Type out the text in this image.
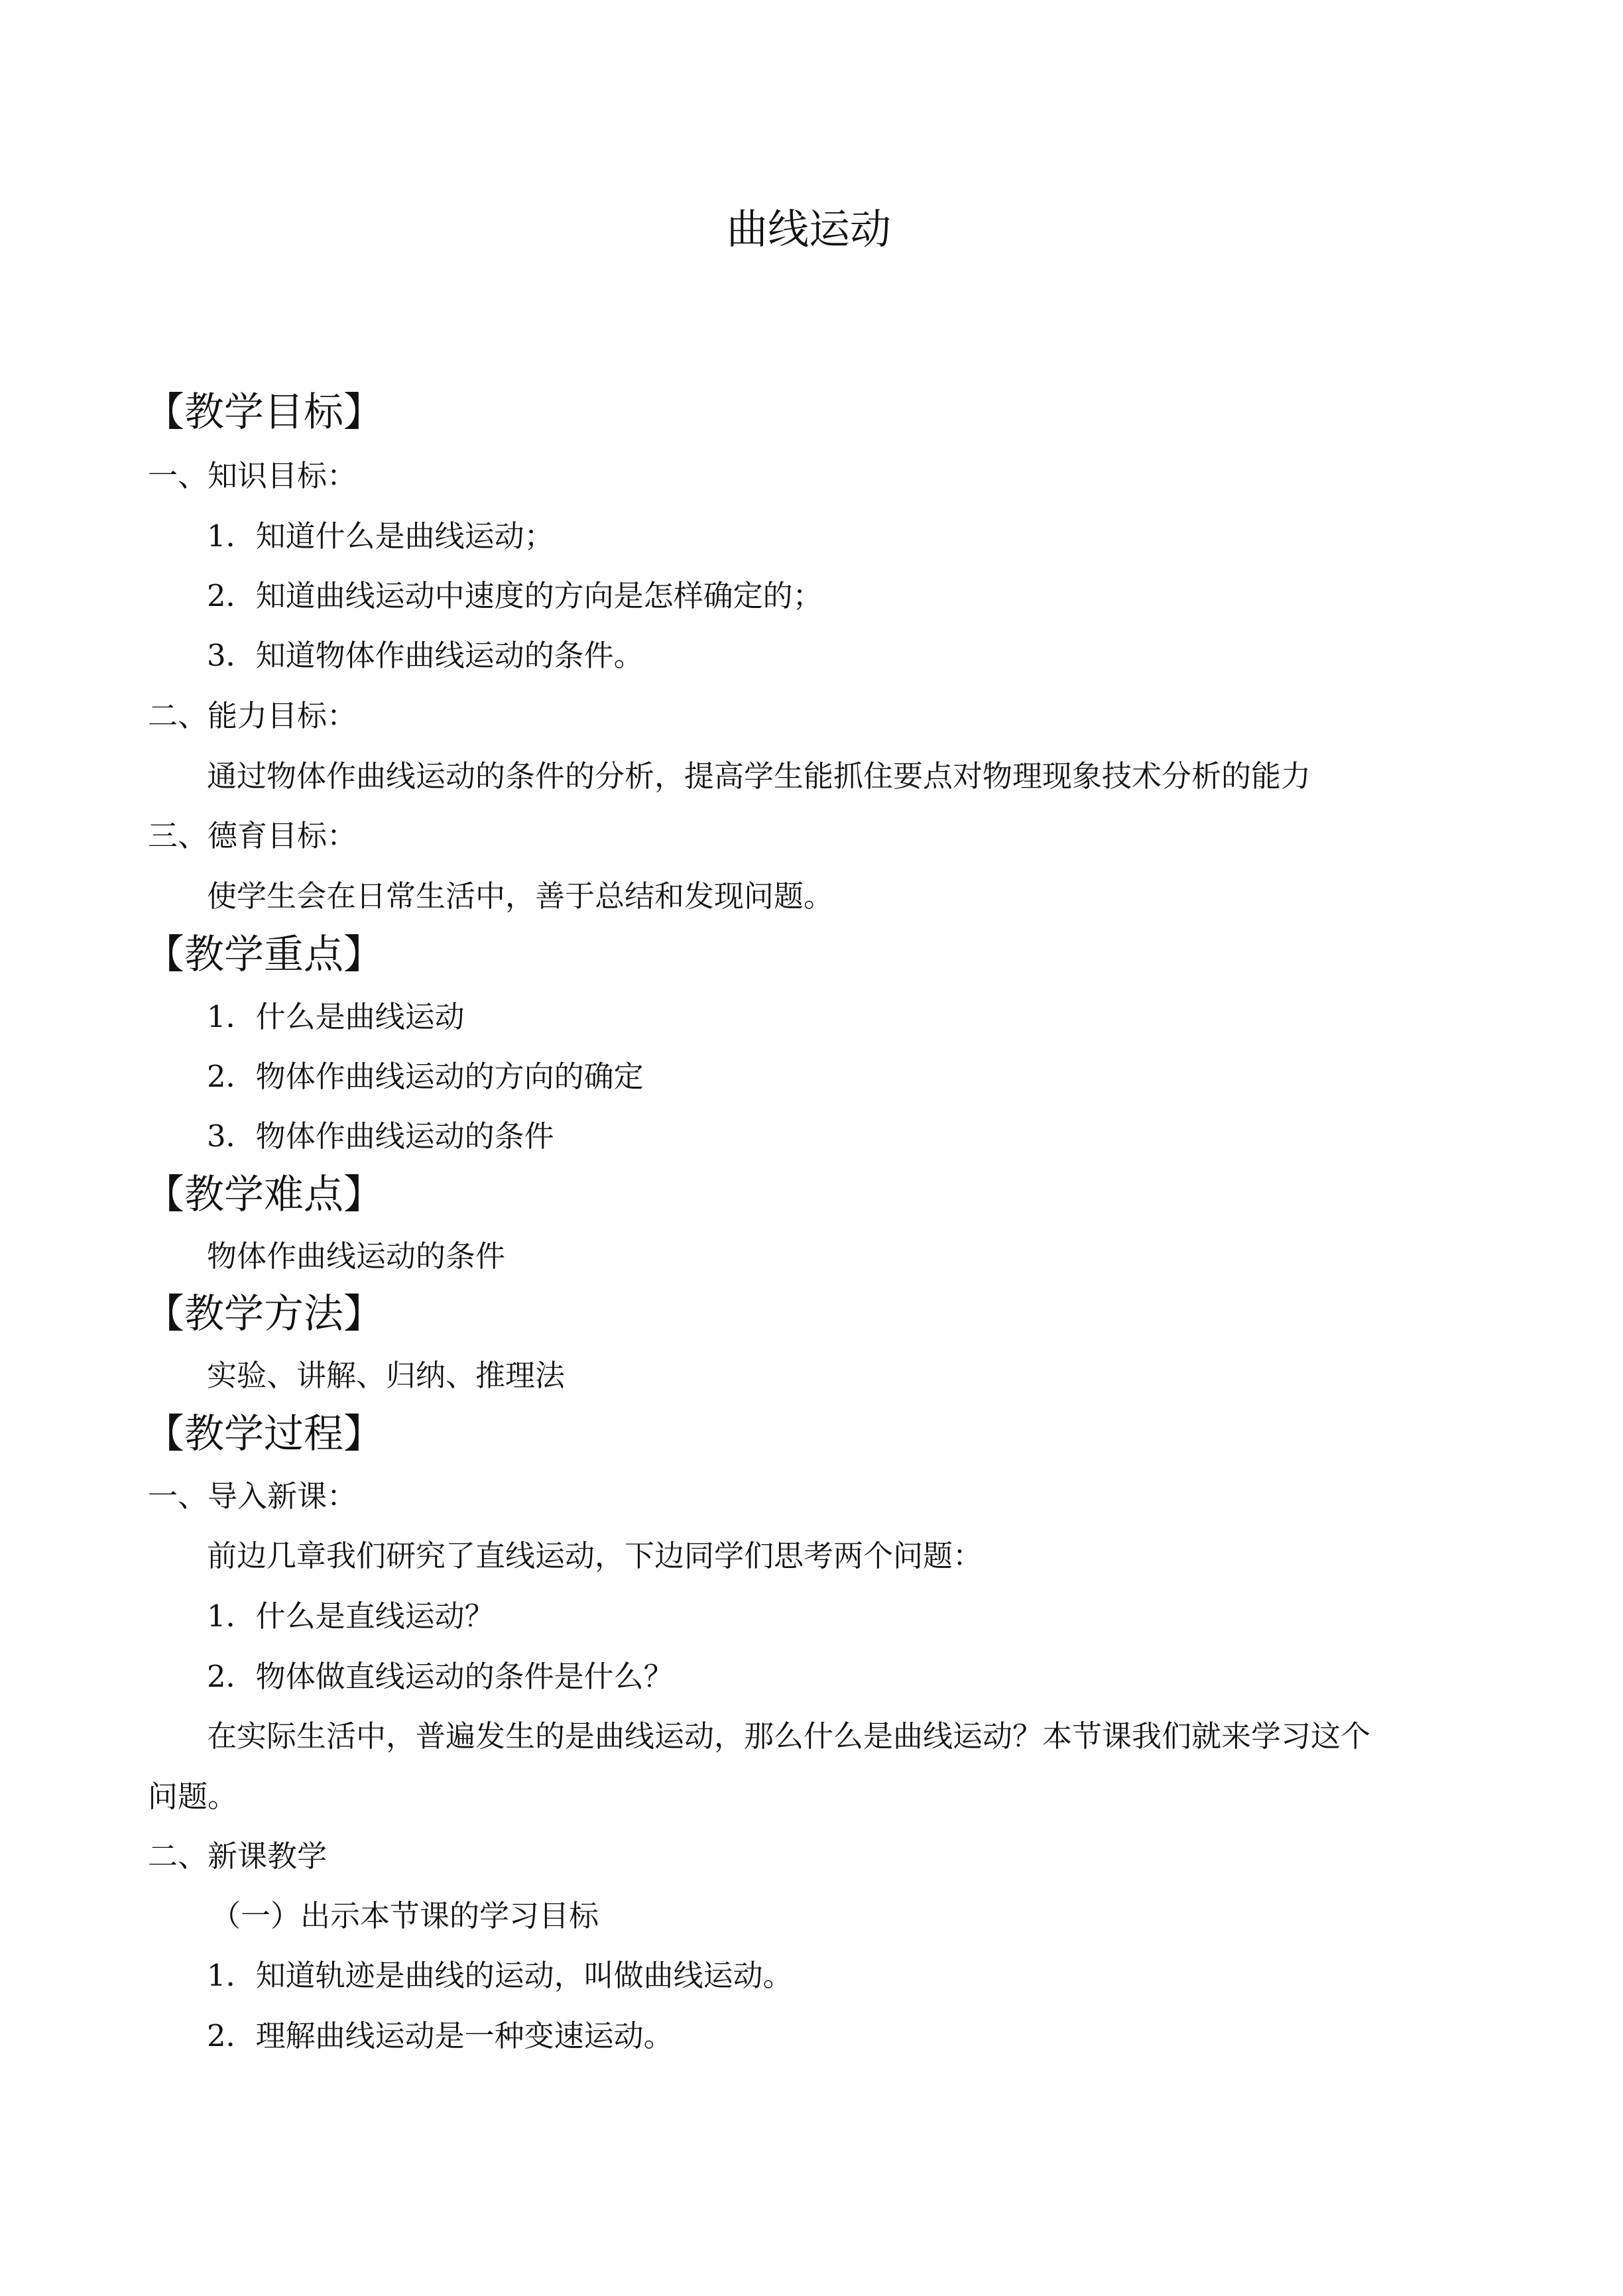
曲线运动
【教学目标】
一、知识目标：
1．知道什么是曲线运动；
2．知道曲线运动中速度的方向是怎样确定的；
3．知道物体作曲线运动的条件。
二、能力目标：
通过物体作曲线运动的条件的分析，提高学生能抓住要点对物理现象技术分析的能力
三、德育目标：
使学生会在日常生活中，善于总结和发现问题。
【教学重点】
1．什么是曲线运动
2．物体作曲线运动的方向的确定
3．物体作曲线运动的条件
【教学难点】
物体作曲线运动的条件
【教学方法】
实验、讲解、归纳、推理法
【教学过程】
一、导入新课：
前边几章我们研究了直线运动，下边同学们思考两个问题：
1．什么是直线运动？
2．物体做直线运动的条件是什么？
在实际生活中，普遍发生的是曲线运动，那么什么是曲线运动？本节课我们就来学习这个
问题。
二、新课教学
（一）出示本节课的学习目标
1．知道轨迹是曲线的运动，叫做曲线运动。
2．理解曲线运动是一种变速运动。
